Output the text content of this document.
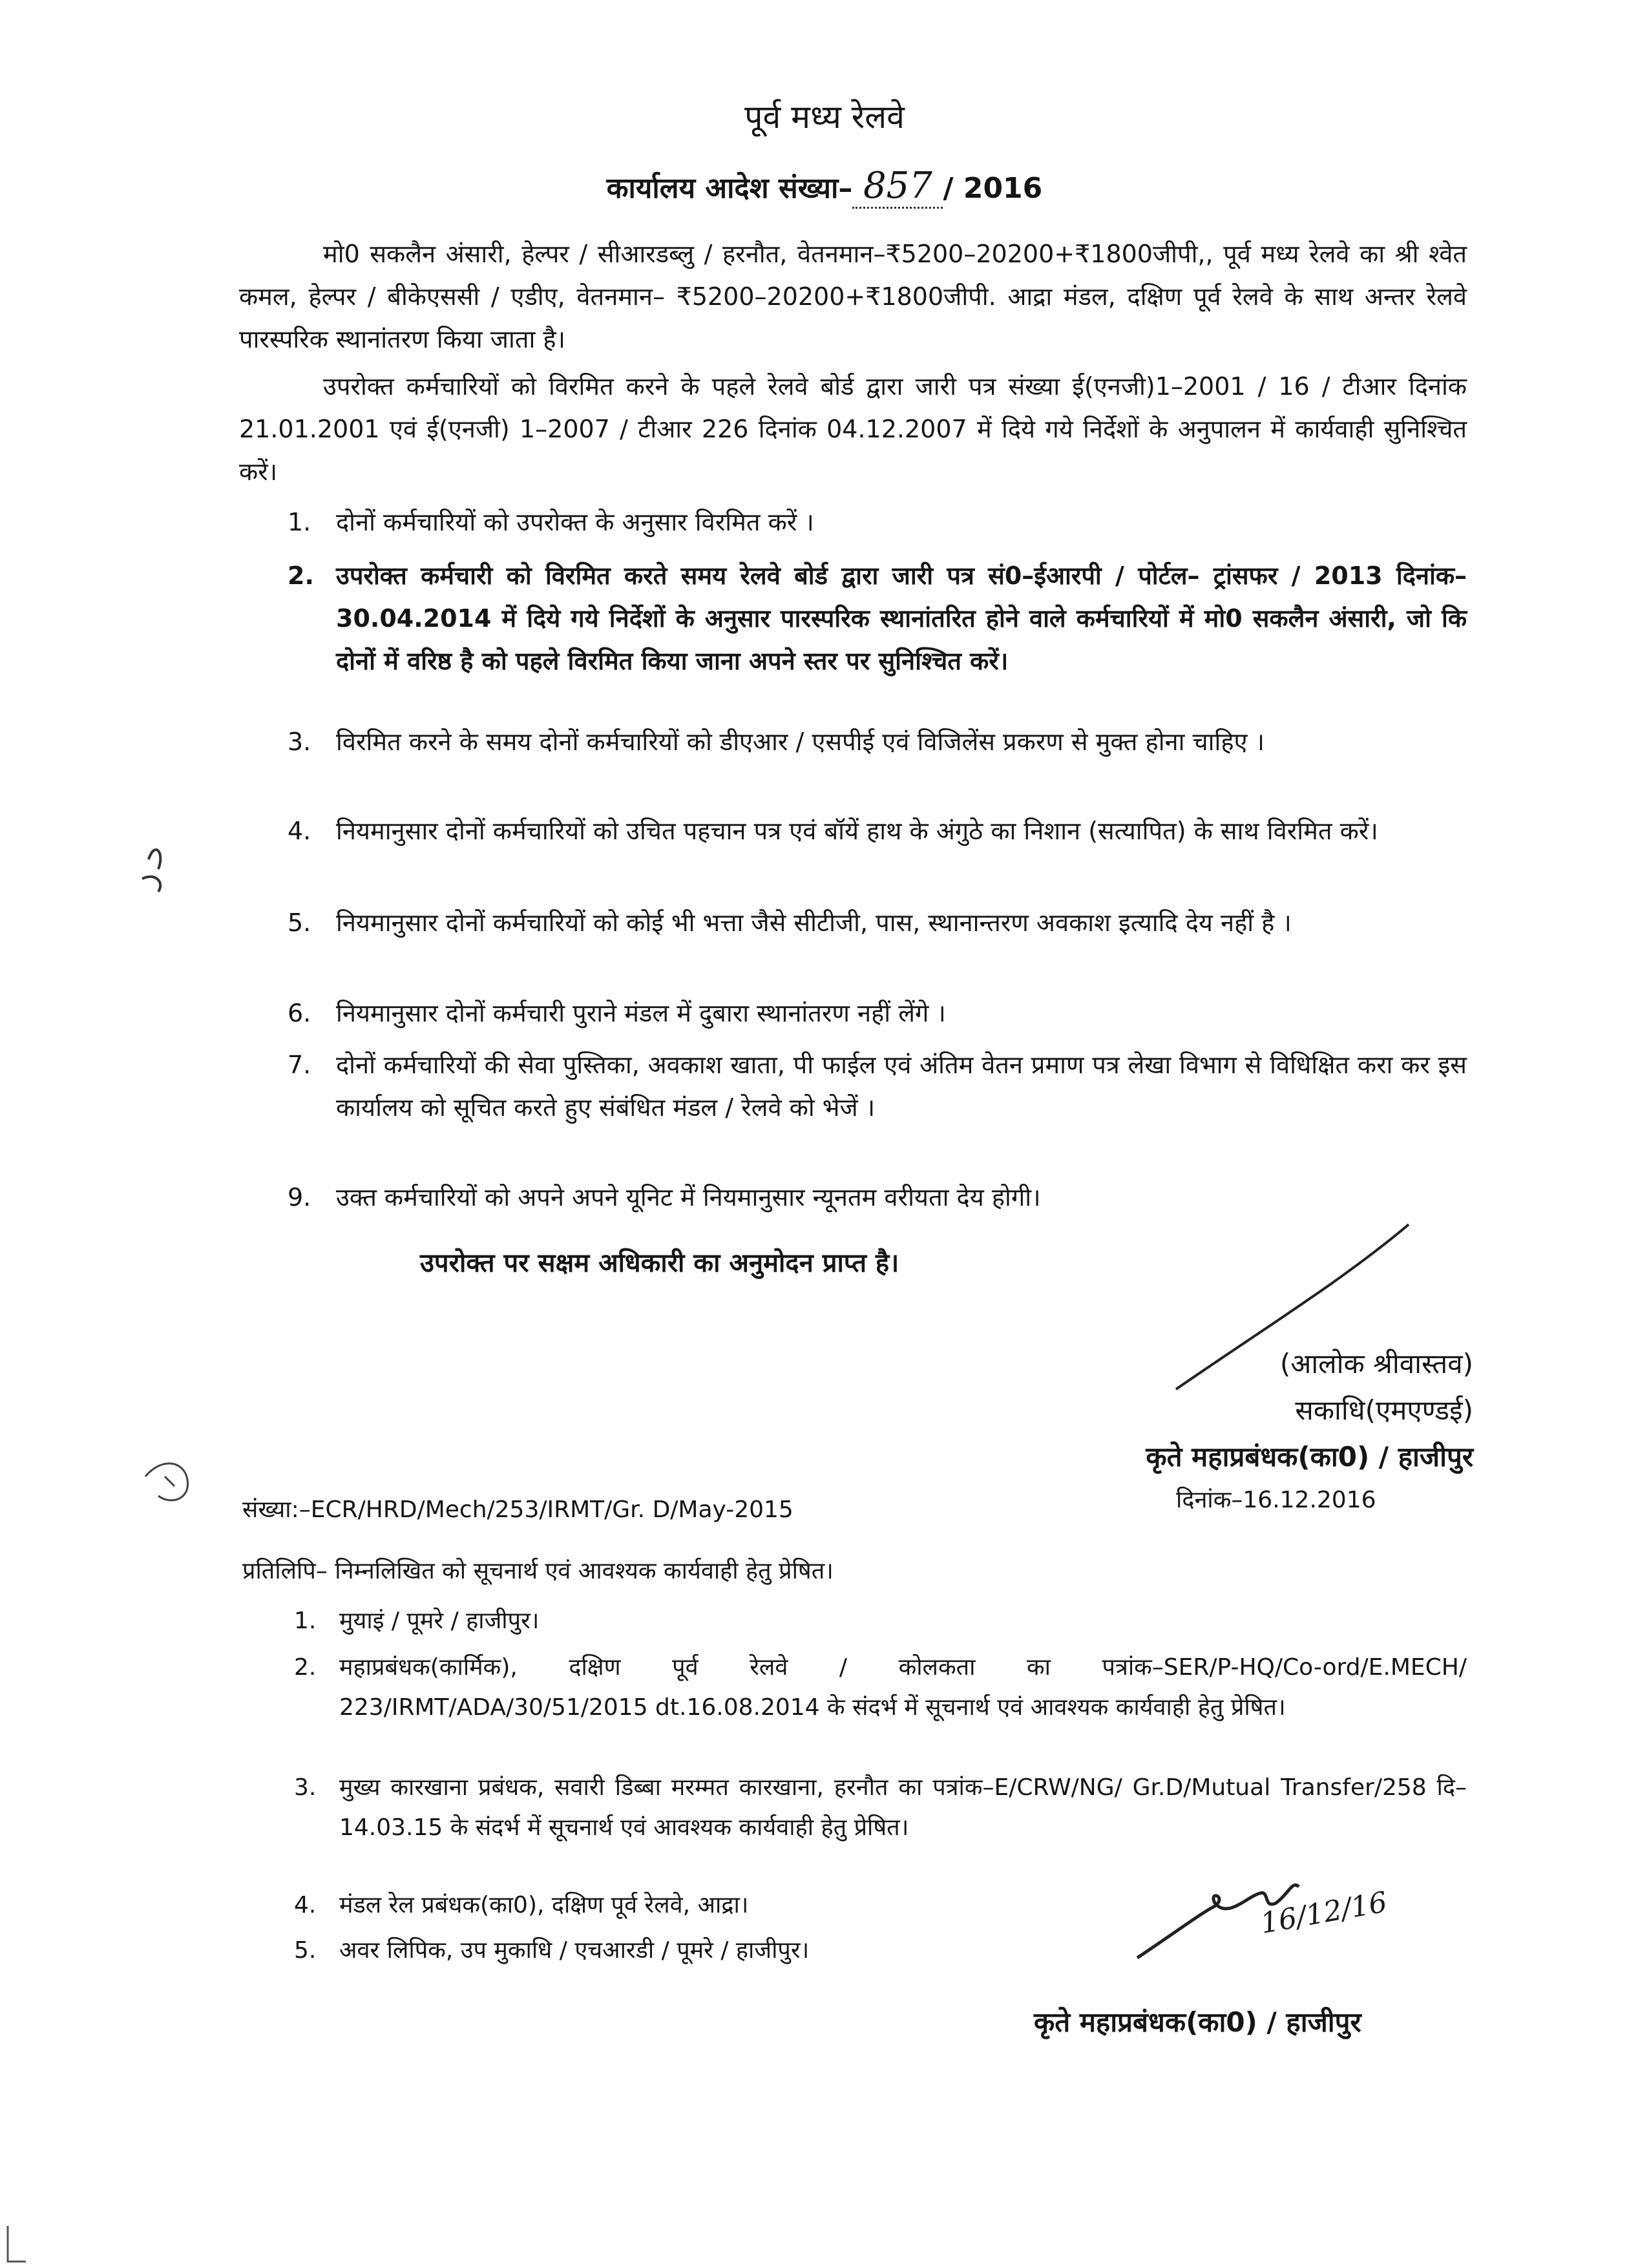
पूर्व मध्य रेलवे
कार्यालय आदेश संख्या– 857 / 2016
मो0 सकलैन अंसारी, हेल्पर / सीआरडब्लु / हरनौत, वेतनमान–₹5200–20200+₹1800जीपी,, पूर्व मध्य रेलवे का श्री श्वेत कमल, हेल्पर / बीकेएससी / एडीए, वेतनमान– ₹5200–20200+₹1800जीपी. आद्रा मंडल, दक्षिण पूर्व रेलवे के साथ अन्तर रेलवे पारस्परिक स्थानांतरण किया जाता है।
उपरोक्त कर्मचारियों को विरमित करने के पहले रेलवे बोर्ड द्वारा जारी पत्र संख्या ई(एनजी)1–2001 / 16 / टीआर दिनांक 21.01.2001 एवं ई(एनजी) 1–2007 / टीआर 226 दिनांक 04.12.2007 में दिये गये निर्देशों के अनुपालन में कार्यवाही सुनिश्चित करें।
1.	दोनों कर्मचारियों को उपरोक्त के अनुसार विरमित करें ।
2. उपरोक्त कर्मचारी को विरमित करते समय रेलवे बोर्ड द्वारा जारी पत्र सं0–ईआरपी / पोर्टल– ट्रांसफर / 2013 दिनांक–30.04.2014 में दिये गये निर्देशों के अनुसार पारस्परिक स्थानांतरित होने वाले कर्मचारियों में मो0 सकलैन अंसारी, जो कि दोनों में वरिष्ठ है को पहले विरमित किया जाना अपने स्तर पर सुनिश्चित करें।
3.	विरमित करने के समय दोनों कर्मचारियों को डीएआर / एसपीई एवं विजिलेंस प्रकरण से मुक्त होना चाहिए ।
4.	नियमानुसार दोनों कर्मचारियों को उचित पहचान पत्र एवं बॉयें हाथ के अंगुठे का निशान (सत्यापित) के साथ विरमित करें।
5.	नियमानुसार दोनों कर्मचारियों को कोई भी भत्ता जैसे सीटीजी, पास, स्थानान्तरण अवकाश इत्यादि देय नहीं है ।
6.	नियमानुसार दोनों कर्मचारी पुराने मंडल में दुबारा स्थानांतरण नहीं लेंगे ।
7.	दोनों कर्मचारियों की सेवा पुस्तिका, अवकाश खाता, पी फाईल एवं अंतिम वेतन प्रमाण पत्र लेखा विभाग से विधिक्षित करा कर इस कार्यालय को सूचित करते हुए संबंधित मंडल / रेलवे को भेजें ।
9.	उक्त कर्मचारियों को अपने अपने यूनिट में नियमानुसार न्यूनतम वरीयता देय होगी।
उपरोक्त पर सक्षम अधिकारी का अनुमोदन प्राप्त है।
(आलोक श्रीवास्तव)
सकाधि(एमएण्डई)
कृते महाप्रबंधक(का0) / हाजीपुर
संख्या:–ECR/HRD/Mech/253/IRMT/Gr. D/May-2015	दिनांक–16.12.2016
प्रतिलिपि– निम्नलिखित को सूचनार्थ एवं आवश्यक कार्यवाही हेतु प्रेषित।
1. मुयाइं / पूमरे / हाजीपुर।
2. महाप्रबंधक(कार्मिक), दक्षिण पूर्व रेलवे / कोलकता का पत्रांक–SER/P-HQ/Co-ord/E.MECH/ 223/IRMT/ADA/30/51/2015 dt.16.08.2014 के संदर्भ में सूचनार्थ एवं आवश्यक कार्यवाही हेतु प्रेषित।
3. मुख्य कारखाना प्रबंधक, सवारी डिब्बा मरम्मत कारखाना, हरनौत का पत्रांक–E/CRW/NG/ Gr.D/Mutual Transfer/258 दि–14.03.15 के संदर्भ में सूचनार्थ एवं आवश्यक कार्यवाही हेतु प्रेषित।
4. मंडल रेल प्रबंधक(का0), दक्षिण पूर्व रेलवे, आद्रा।
5. अवर लिपिक, उप मुकाधि / एचआरडी / पूमरे / हाजीपुर।
16/12/16
कृते महाप्रबंधक(का0) / हाजीपुर
